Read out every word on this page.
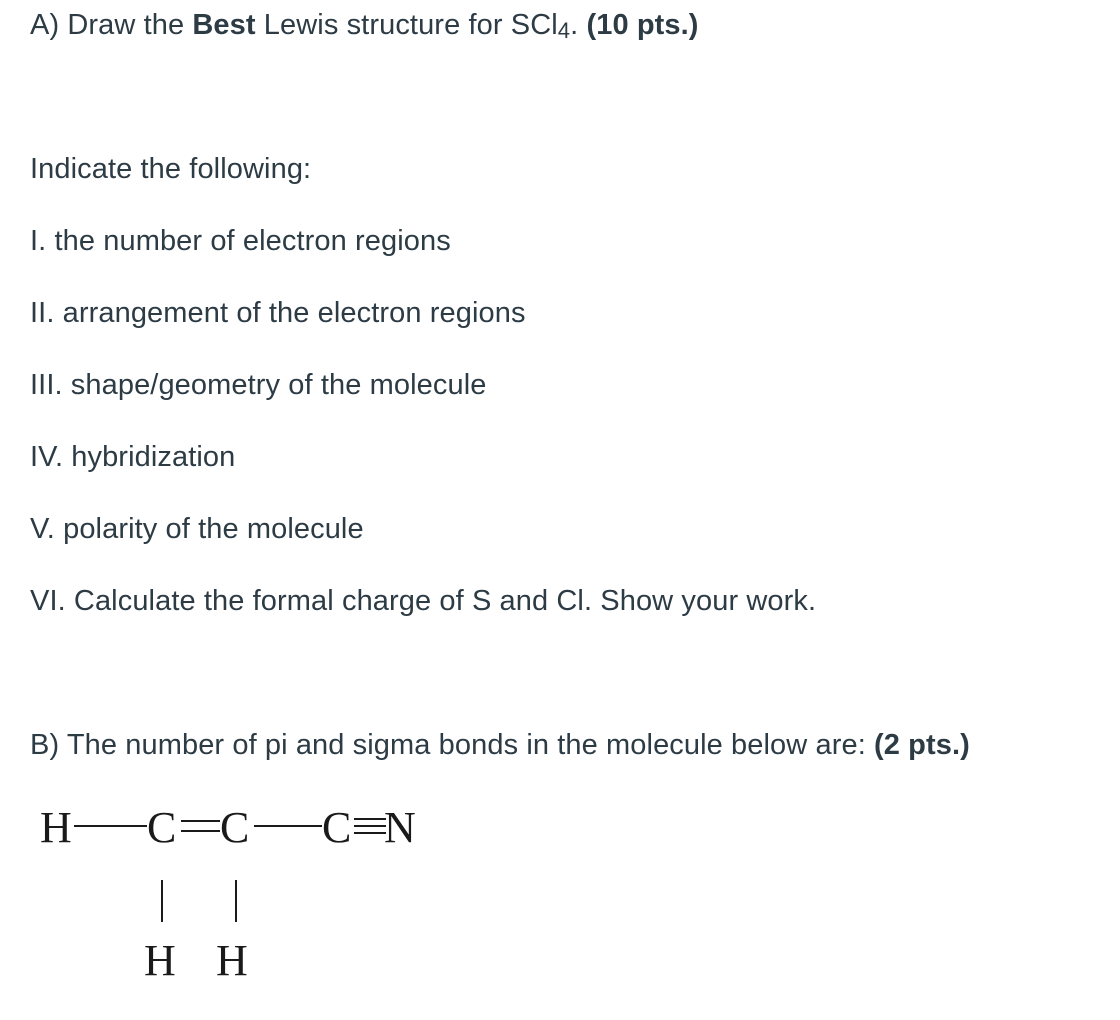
A) Draw the Best Lewis structure for SCl4. (10 pts.)
Indicate the following:
I. the number of electron regions
II. arrangement of the electron regions
III. shape/geometry of the molecule
IV. hybridization
V. polarity of the molecule
VI. Calculate the formal charge of S and Cl. Show your work.
B) The number of pi and sigma bonds in the molecule below are: (2 pts.)
H C C C N
H H
